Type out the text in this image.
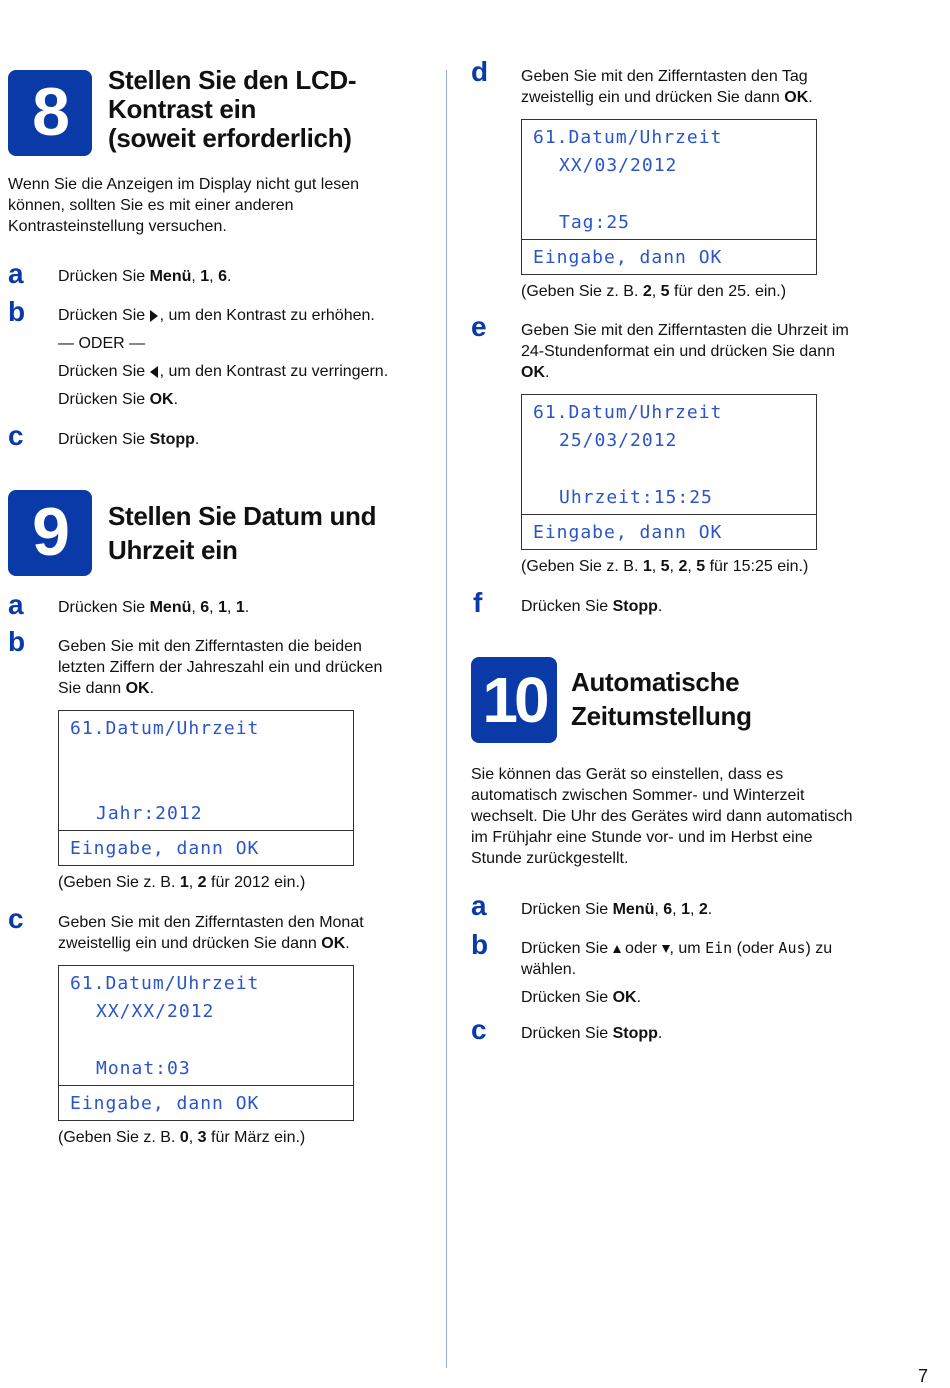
8 Stellen Sie den LCD-
Kontrast ein
(soweit erforderlich)
Wenn Sie die Anzeigen im Display nicht gut lesen
können, sollten Sie es mit einer anderen
Kontrasteinstellung versuchen.
a Drücken Sie Menü, 1, 6.
b Drücken Sie , um den Kontrast zu erhöhen.
— ODER —
Drücken Sie , um den Kontrast zu verringern.
Drücken Sie OK.
c Drücken Sie Stopp.
9 Stellen Sie Datum und
Uhrzeit ein
a Drücken Sie Menü, 6, 1, 1.
b Geben Sie mit den Zifferntasten die beiden
letzten Ziffern der Jahreszahl ein und drücken
Sie dann OK.
61.Datum/Uhrzeit
Jahr:2012
Eingabe, dann OK
(Geben Sie z. B. 1, 2 für 2012 ein.)
c Geben Sie mit den Zifferntasten den Monat
zweistellig ein und drücken Sie dann OK.
61.Datum/Uhrzeit
XX/XX/2012
Monat:03
Eingabe, dann OK
(Geben Sie z. B. 0, 3 für März ein.)
d Geben Sie mit den Zifferntasten den Tag
zweistellig ein und drücken Sie dann OK.
61.Datum/Uhrzeit
XX/03/2012
Tag:25
Eingabe, dann OK
(Geben Sie z. B. 2, 5 für den 25. ein.)
e Geben Sie mit den Zifferntasten die Uhrzeit im
24-Stundenformat ein und drücken Sie dann
OK.
61.Datum/Uhrzeit
25/03/2012
Uhrzeit:15:25
Eingabe, dann OK
(Geben Sie z. B. 1, 5, 2, 5 für 15:25 ein.)
f Drücken Sie Stopp.
10 Automatische
Zeitumstellung
Sie können das Gerät so einstellen, dass es
automatisch zwischen Sommer- und Winterzeit
wechselt. Die Uhr des Gerätes wird dann automatisch
im Frühjahr eine Stunde vor- und im Herbst eine
Stunde zurückgestellt.
a Drücken Sie Menü, 6, 1, 2.
b Drücken Sie  oder , um Ein (oder Aus) zu
wählen.
Drücken Sie OK.
c Drücken Sie Stopp.
7
